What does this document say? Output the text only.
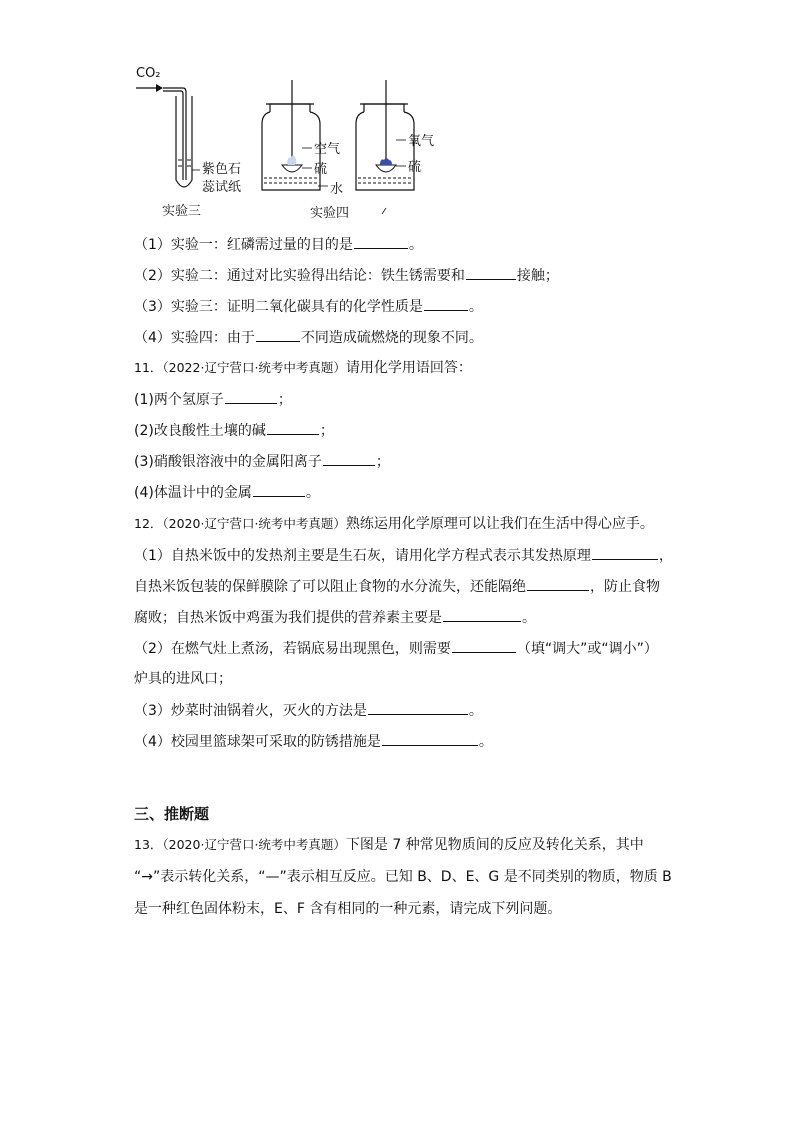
CO₂
紫色石
蕊试纸
实验三
空气
硫
水
氧气
硫
实验四
（1）实验一：红磷需过量的目的是	。
（2）实验二：通过对比实验得出结论：铁生锈需要和	接触；
（3）实验三：证明二氧化碳具有的化学性质是	。
（4）实验四：由于	不同造成硫燃烧的现象不同。
11．（2022·辽宁营口·统考中考真题）请用化学用语回答：
(1)两个氢原子	；
(2)改良酸性土壤的碱	；
(3)硝酸银溶液中的金属阳离子	；
(4)体温计中的金属	。
12．（2020·辽宁营口·统考中考真题）熟练运用化学原理可以让我们在生活中得心应手。
（1）自热米饭中的发热剂主要是生石灰，请用化学方程式表示其发热原理	，
自热米饭包装的保鲜膜除了可以阻止食物的水分流失，还能隔绝	，防止食物
腐败；自热米饭中鸡蛋为我们提供的营养素主要是	。
（2）在燃气灶上煮汤，若锅底易出现黑色，则需要	（填“调大”或“调小”）
炉具的进风口；
（3）炒菜时油锅着火，灭火的方法是	。
（4）校园里篮球架可采取的防锈措施是	。
三、推断题
13．（2020·辽宁营口·统考中考真题）下图是 7 种常见物质间的反应及转化关系，其中
“→”表示转化关系，“—”表示相互反应。已知 B、D、E、G 是不同类别的物质，物质 B
是一种红色固体粉末，E、F 含有相同的一种元素，请完成下列问题。
